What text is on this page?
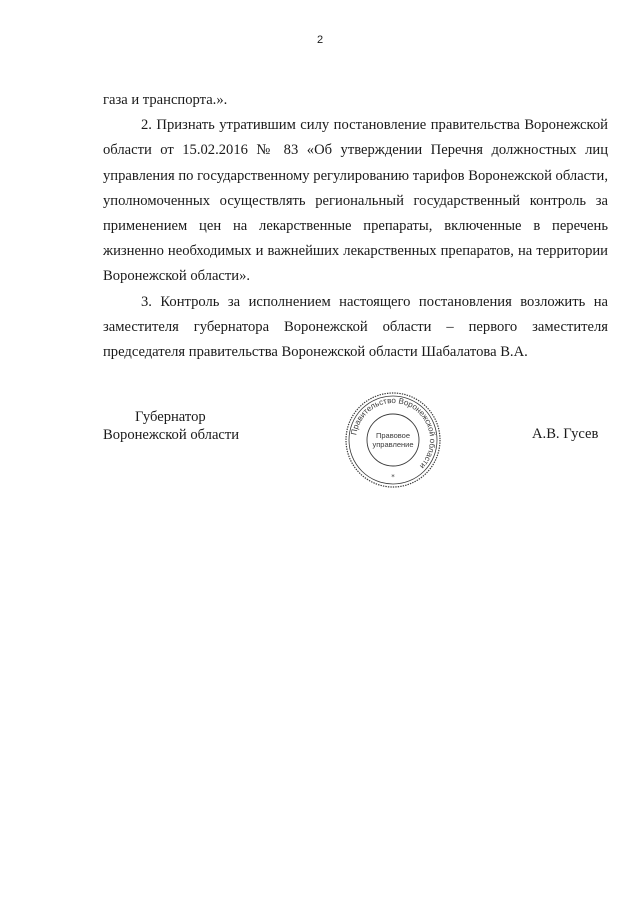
2

газа и транспорта.».

2. Признать утратившим силу постановление правительства Воронежской области от 15.02.2016 № 83 «Об утверждении Перечня должностных лиц управления по государственному регулированию тарифов Воронежской области, уполномоченных осуществлять региональный государственный контроль за применением цен на лекарственные препараты, включенные в перечень жизненно необходимых и важнейших лекарственных препаратов, на территории Воронежской области».

3. Контроль за исполнением настоящего постановления возложить на заместителя губернатора Воронежской области – первого заместителя председателя правительства Воронежской области Шабалатова В.А.

Губернатор
Воронежской области	Правительство Воронежской области
Правовое
управление
*
А.В. Гусев
